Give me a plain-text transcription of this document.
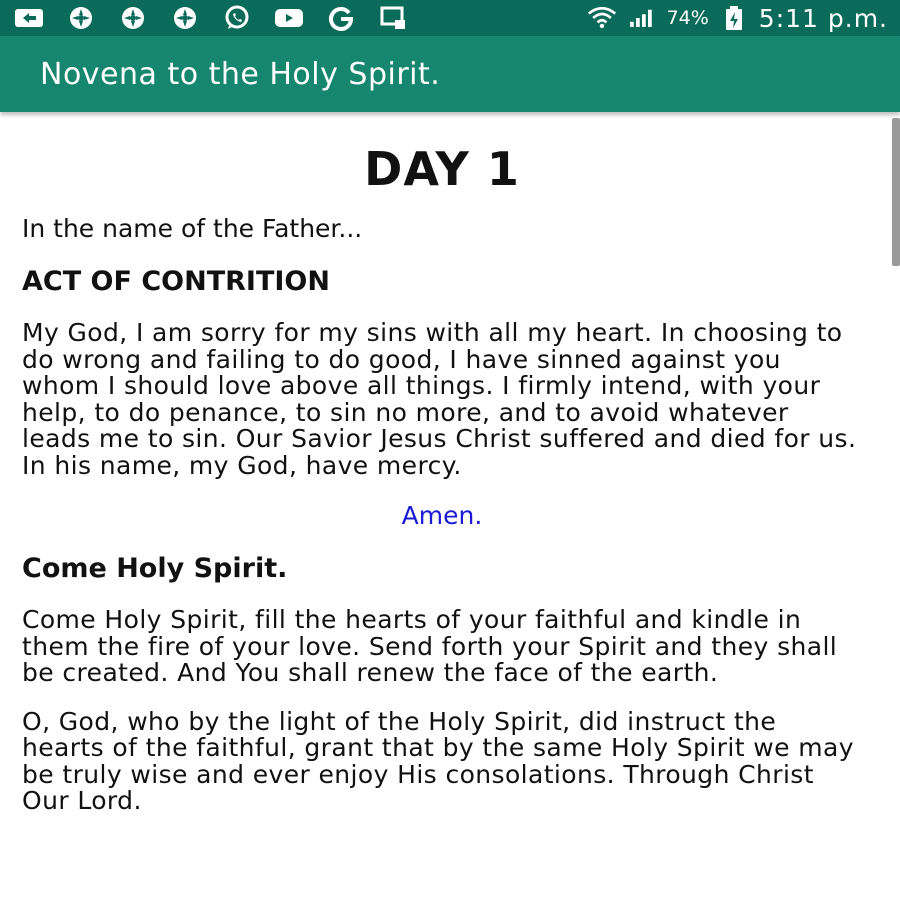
74% 5:11 p.m.
Novena to the Holy Spirit.
DAY 1
In the name of the Father...
ACT OF CONTRITION
My God, I am sorry for my sins with all my heart. In choosing to do wrong and failing to do good, I have sinned against you whom I should love above all things. I firmly intend, with your help, to do penance, to sin no more, and to avoid whatever leads me to sin. Our Savior Jesus Christ suffered and died for us. In his name, my God, have mercy.
Amen.
Come Holy Spirit.
Come Holy Spirit, fill the hearts of your faithful and kindle in them the fire of your love. Send forth your Spirit and they shall be created. And You shall renew the face of the earth.
O, God, who by the light of the Holy Spirit, did instruct the hearts of the faithful, grant that by the same Holy Spirit we may be truly wise and ever enjoy His consolations. Through Christ Our Lord.
